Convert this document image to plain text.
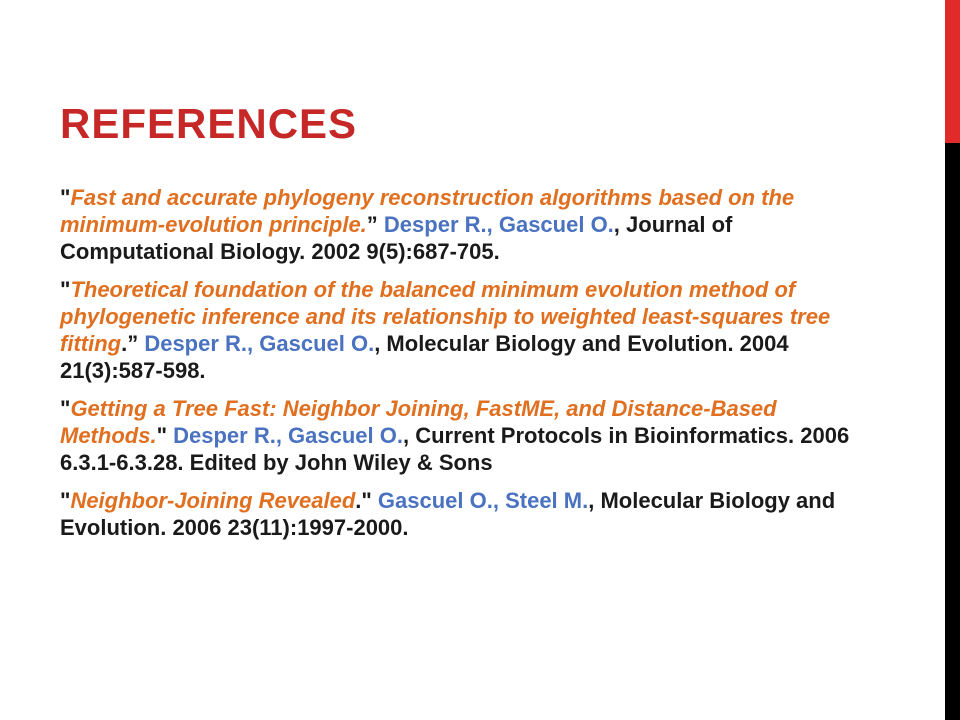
REFERENCES
"Fast and accurate phylogeny reconstruction algorithms based on the minimum-evolution principle.” Desper R., Gascuel O., Journal of Computational Biology. 2002 9(5):687-705.
"Theoretical foundation of the balanced minimum evolution method of phylogenetic inference and its relationship to weighted least-squares tree fitting.” Desper R., Gascuel O., Molecular Biology and Evolution. 2004 21(3):587-598.
"Getting a Tree Fast: Neighbor Joining, FastME, and Distance-Based Methods." Desper R., Gascuel O., Current Protocols in Bioinformatics. 2006 6.3.1-6.3.28. Edited by John Wiley & Sons
"Neighbor-Joining Revealed." Gascuel O., Steel M., Molecular Biology and Evolution. 2006 23(11):1997-2000.
